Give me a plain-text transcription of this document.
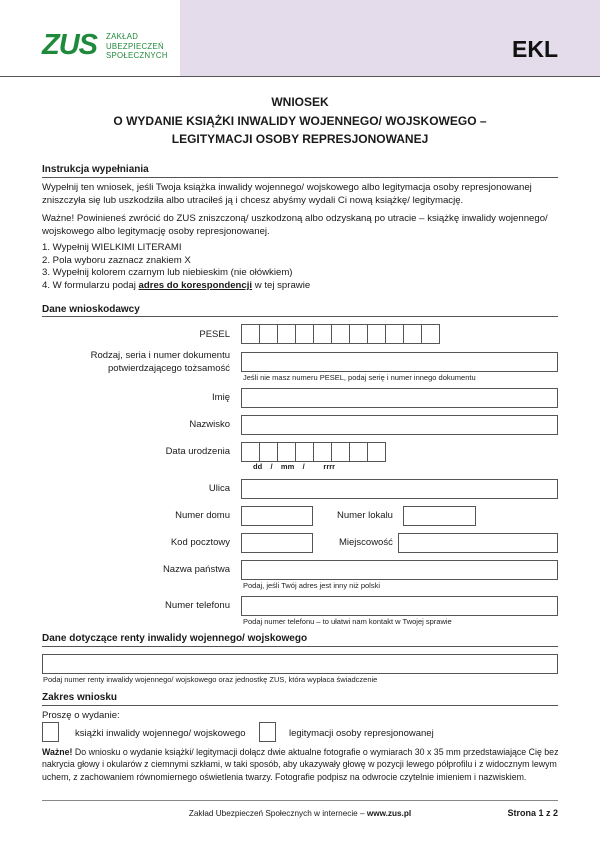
ZUS ZAKŁAD
UBEZPIECZEŃ
SPOŁECZNYCH	EKL
WNIOSEK
O WYDANIE KSIĄŻKI INWALIDY WOJENNEGO/ WOJSKOWEGO –
LEGITYMACJI OSOBY REPRESJONOWANEJ
Instrukcja wypełniania
Wypełnij ten wniosek, jeśli Twoja książka inwalidy wojennego/ wojskowego albo legitymacja osoby represjonowanej zniszczyła się lub uszkodziła albo utraciłeś ją i chcesz abyśmy wydali Ci nową książkę/ legitymację.
Ważne! Powinieneś zwrócić do ZUS zniszczoną/ uszkodzoną albo odzyskaną po utracie – książkę inwalidy wojennego/ wojskowego albo legitymację osoby represjonowanej.
1. Wypełnij WIELKIMI LITERAMI
2. Pola wyboru zaznacz znakiem X
3. Wypełnij kolorem czarnym lub niebieskim (nie ołówkiem)
4. W formularzu podaj adres do korespondencji w tej sprawie
Dane wnioskodawcy
PESEL
Rodzaj, seria i numer dokumentu
potwierdzającego tożsamość
Jeśli nie masz numeru PESEL, podaj serię i numer innego dokumentu
Imię
Nazwisko
Data urodzenia
dd    /    mm    /         rrrr
Ulica
Numer domu	Numer lokalu
Kod pocztowy	Miejscowość
Nazwa państwa
Podaj, jeśli Twój adres jest inny niż polski
Numer telefonu
Podaj numer telefonu – to ułatwi nam kontakt w Twojej sprawie
Dane dotyczące renty inwalidy wojennego/ wojskowego
Podaj numer renty inwalidy wojennego/ wojskowego oraz jednostkę ZUS, która wypłaca świadczenie
Zakres wniosku
Proszę o wydanie:
książki inwalidy wojennego/ wojskowego	legitymacji osoby represjonowanej
Ważne! Do wniosku o wydanie książki/ legitymacji dołącz dwie aktualne fotografie o wymiarach 30 x 35 mm przedstawiające Cię bez nakrycia głowy i okularów z ciemnymi szkłami, w taki sposób, aby ukazywały głowę w pozycji lewego półprofilu i z widocznym lewym uchem, z zachowaniem równomiernego oświetlenia twarzy. Fotografie podpisz na odwrocie czytelnie imieniem i nazwiskiem.
Zakład Ubezpieczeń Społecznych w internecie – www.zus.pl	Strona 1 z 2
